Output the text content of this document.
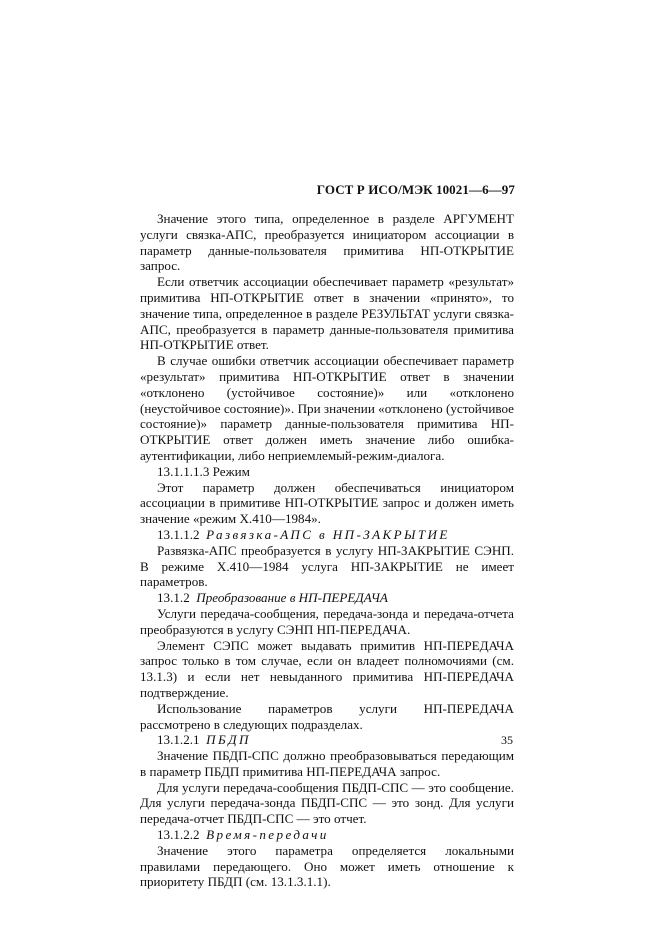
ГОСТ Р ИСО/МЭК 10021—6—97

Значение этого типа, определенное в разделе АРГУМЕНТ услуги связка-АПС, преобразуется инициатором ассоциации в параметр данные-пользователя примитива НП-ОТКРЫТИЕ запрос.

Если ответчик ассоциации обеспечивает параметр «результат» примитива НП-ОТКРЫТИЕ ответ в значении «принято», то значение типа, определенное в разделе РЕЗУЛЬТАТ услуги связка-АПС, преобразуется в параметр данные-пользователя примитива НП-ОТКРЫТИЕ ответ.

В случае ошибки ответчик ассоциации обеспечивает параметр «результат» примитива НП-ОТКРЫТИЕ ответ в значении «отклонено (устойчивое состояние)» или «отклонено (неустойчивое состояние)». При значении «отклонено (устойчивое состояние)» параметр данные-пользователя примитива НП-ОТКРЫТИЕ ответ должен иметь значение либо ошибка-аутентификации, либо неприемлемый-режим-диалога.

13.1.1.1.3 Режим

Этот параметр должен обеспечиваться инициатором ассоциации в примитиве НП-ОТКРЫТИЕ запрос и должен иметь значение «режим Х.410—1984».

13.1.1.2 Развязка-АПС в НП-ЗАКРЫТИЕ

Развязка-АПС преобразуется в услугу НП-ЗАКРЫТИЕ СЭНП. В режиме Х.410—1984 услуга НП-ЗАКРЫТИЕ не имеет параметров.

13.1.2 Преобразование в НП-ПЕРЕДАЧА

Услуги передача-сообщения, передача-зонда и передача-отчета преобразуются в услугу СЭНП НП-ПЕРЕДАЧА.

Элемент СЭПС может выдавать примитив НП-ПЕРЕДАЧА запрос только в том случае, если он владеет полномочиями (см. 13.1.3) и если нет невыданного примитива НП-ПЕРЕДАЧА подтверждение.

Использование параметров услуги НП-ПЕРЕДАЧА рассмотрено в следующих подразделах.

13.1.2.1 ПБДП

Значение ПБДП-СПС должно преобразовываться передающим в параметр ПБДП примитива НП-ПЕРЕДАЧА запрос.

Для услуги передача-сообщения ПБДП-СПС — это сообщение. Для услуги передача-зонда ПБДП-СПС — это зонд. Для услуги передача-отчет ПБДП-СПС — это отчет.

13.1.2.2 Время-передачи

Значение этого параметра определяется локальными правилами передающего. Оно может иметь отношение к приоритету ПБДП (см. 13.1.3.1.1).

35
